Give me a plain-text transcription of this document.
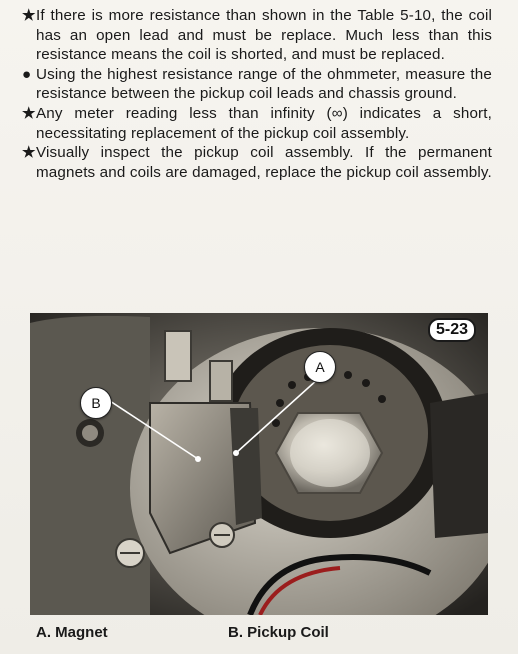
★ If there is more resistance than shown in the Table 5-10, the coil has an open lead and must be replace. Much less than this resistance means the coil is shorted, and must be replaced.

● Using the highest resistance range of the ohmmeter, measure the resistance between the pickup coil leads and chassis ground.

★ Any meter reading less than infinity (∞) indicates a short, necessitating replacement of the pickup coil assembly.

★ Visually inspect the pickup coil assembly. If the permanent magnets and coils are damaged, replace the pickup coil assembly.

5-23
B
A
A. Magnet	B. Pickup Coil
